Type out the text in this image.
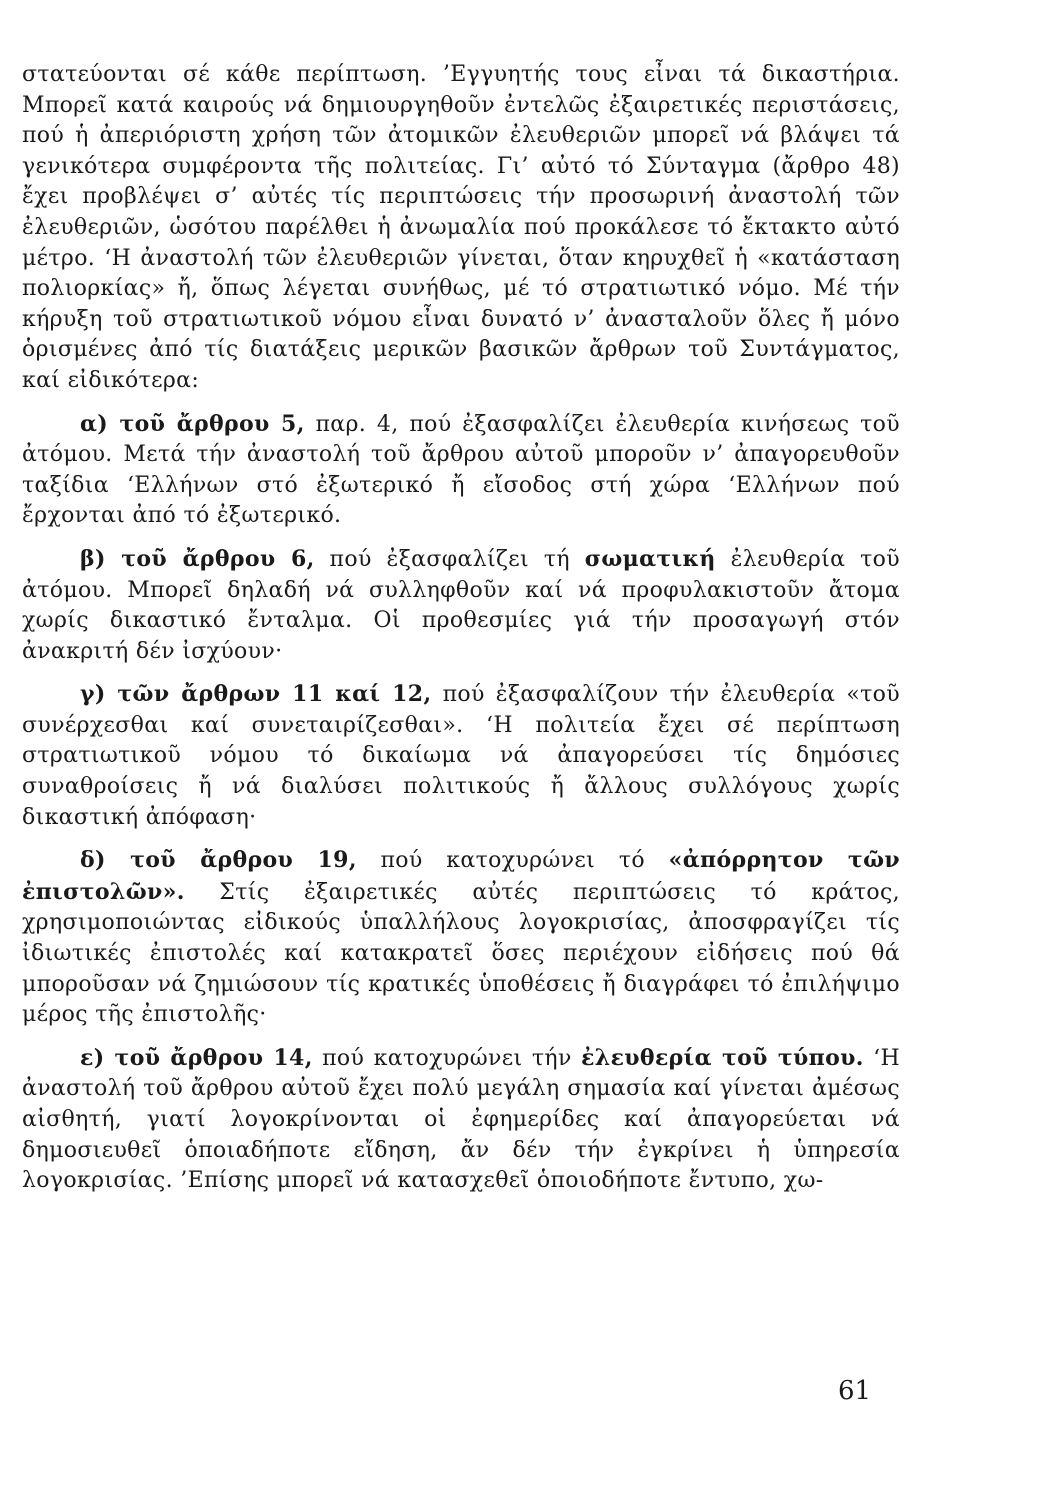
στατεύονται σέ κάθε περίπτωση. ’Εγγυητής τους εἶναι τά δικαστήρια. Μπορεῖ κατά καιρούς νά δημιουργηθοῦν ἐντελῶς ἐξαιρετικές περιστάσεις, πού ἡ ἀπεριόριστη χρήση τῶν ἀτομικῶν ἐλευθεριῶν μπορεῖ νά βλάψει τά γενικότερα συμφέροντα τῆς πολιτείας. Γι’ αὐτό τό Σύνταγμα (ἄρθρο 48) ἔχει προβλέψει σ’ αὐτές τίς περιπτώσεις τήν προσωρινή ἀναστολή τῶν ἐλευθεριῶν, ὡσότου παρέλθει ἡ ἀνωμαλία πού προκάλεσε τό ἔκτακτο αὐτό μέτρο. ‘Η ἀναστολή τῶν ἐλευθεριῶν γίνεται, ὅταν κηρυχθεῖ ἡ «κατάσταση πολιορκίας» ἤ, ὅπως λέγεται συνήθως, μέ τό στρατιωτικό νόμο. Μέ τήν κήρυξη τοῦ στρατιωτικοῦ νόμου εἶναι δυνατό ν’ ἀνασταλοῦν ὅλες ἤ μόνο ὁρισμένες ἀπό τίς διατάξεις μερικῶν βασικῶν ἄρθρων τοῦ Συντάγματος, καί εἰδικότερα:

α) τοῦ ἄρθρου 5, παρ. 4, πού ἐξασφαλίζει ἐλευθερία κινήσεως τοῦ ἀτόμου. Μετά τήν ἀναστολή τοῦ ἄρθρου αὐτοῦ μποροῦν ν’ ἀπαγορευθοῦν ταξίδια ‘Ελλήνων στό ἐξωτερικό ἤ εἴσοδος στή χώρα ‘Ελλήνων πού ἔρχονται ἀπό τό ἐξωτερικό.

β) τοῦ ἄρθρου 6, πού ἐξασφαλίζει τή σωματική ἐλευθερία τοῦ ἀτόμου. Μπορεῖ δηλαδή νά συλληφθοῦν καί νά προφυλακιστοῦν ἄτομα χωρίς δικαστικό ἔνταλμα. Οἱ προθεσμίες γιά τήν προσαγωγή στόν ἀνακριτή δέν ἰσχύουν·

γ) τῶν ἄρθρων 11 καί 12, πού ἐξασφαλίζουν τήν ἐλευθερία «τοῦ συνέρχεσθαι καί συνεταιρίζεσθαι». ‘Η πολιτεία ἔχει σέ περίπτωση στρατιωτικοῦ νόμου τό δικαίωμα νά ἀπαγορεύσει τίς δημόσιες συναθροίσεις ἤ νά διαλύσει πολιτικούς ἤ ἄλλους συλλόγους χωρίς δικαστική ἀπόφαση·

δ) τοῦ ἄρθρου 19, πού κατοχυρώνει τό «ἀπόρρητον τῶν ἐπιστολῶν». Στίς ἐξαιρετικές αὐτές περιπτώσεις τό κράτος, χρησιμοποιώντας εἰδικούς ὑπαλλήλους λογοκρισίας, ἀποσφραγίζει τίς ἰδιωτικές ἐπιστολές καί κατακρατεῖ ὅσες περιέχουν εἰδήσεις πού θά μποροῦσαν νά ζημιώσουν τίς κρατικές ὑποθέσεις ἤ διαγράφει τό ἐπιλήψιμο μέρος τῆς ἐπιστολῆς·

ε) τοῦ ἄρθρου 14, πού κατοχυρώνει τήν ἐλευθερία τοῦ τύπου. ‘Η ἀναστολή τοῦ ἄρθρου αὐτοῦ ἔχει πολύ μεγάλη σημασία καί γίνεται ἀμέσως αἰσθητή, γιατί λογοκρίνονται οἱ ἐφημερίδες καί ἀπαγορεύεται νά δημοσιευθεῖ ὁποιαδήποτε εἴδηση, ἄν δέν τήν ἐγκρίνει ἡ ὑπηρεσία λογοκρισίας. ’Επίσης μπορεῖ νά κατασχεθεῖ ὁποιοδήποτε ἔντυπο, χω-

61
